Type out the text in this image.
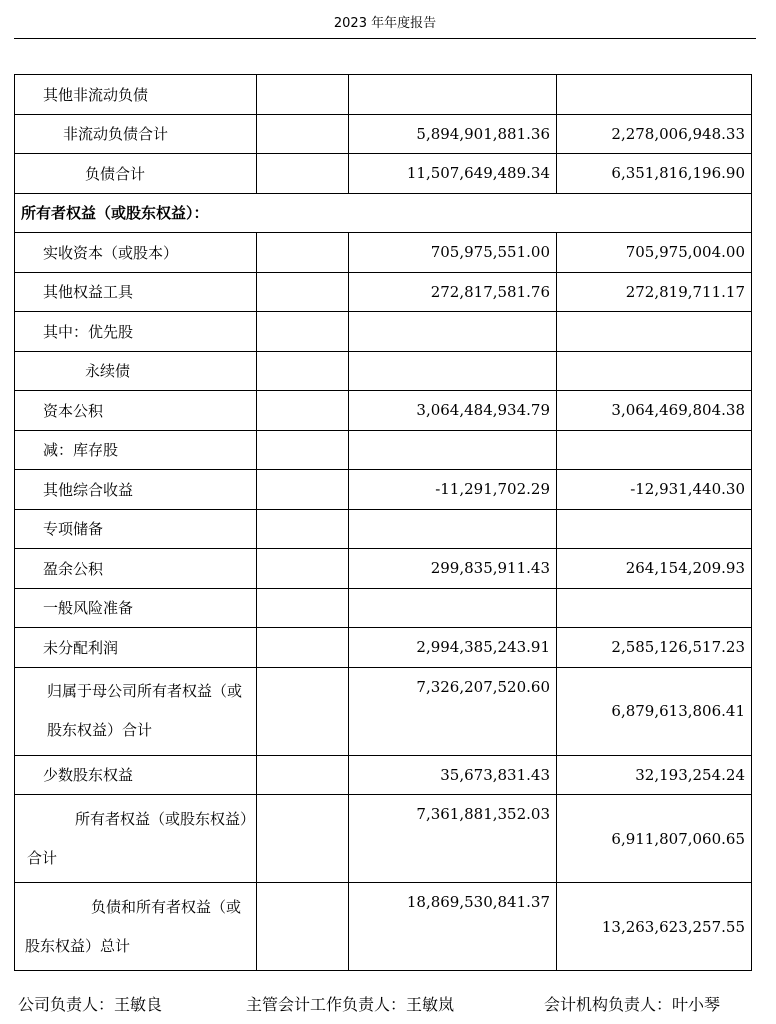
2023 年年度报告
其他非流动负债			
非流动负债合计		5,894,901,881.36	2,278,006,948.33
负债合计		11,507,649,489.34	6,351,816,196.90
所有者权益（或股东权益）：			
实收资本（或股本）		705,975,551.00	705,975,004.00
其他权益工具		272,817,581.76	272,819,711.17
其中：优先股			
永续债			
资本公积		3,064,484,934.79	3,064,469,804.38
减：库存股			
其他综合收益		-11,291,702.29	-12,931,440.30
专项储备			
盈余公积		299,835,911.43	264,154,209.93
一般风险准备			
未分配利润		2,994,385,243.91	2,585,126,517.23
归属于母公司所有者权益（或股东权益）合计		7,326,207,520.60	6,879,613,806.41
少数股东权益		35,673,831.43	32,193,254.24
所有者权益（或股东权益）合计		7,361,881,352.03	6,911,807,060.65
负债和所有者权益（或股东权益）总计		18,869,530,841.37	13,263,623,257.55
公司负责人：王敏良	主管会计工作负责人：王敏岚	会计机构负责人：叶小琴
